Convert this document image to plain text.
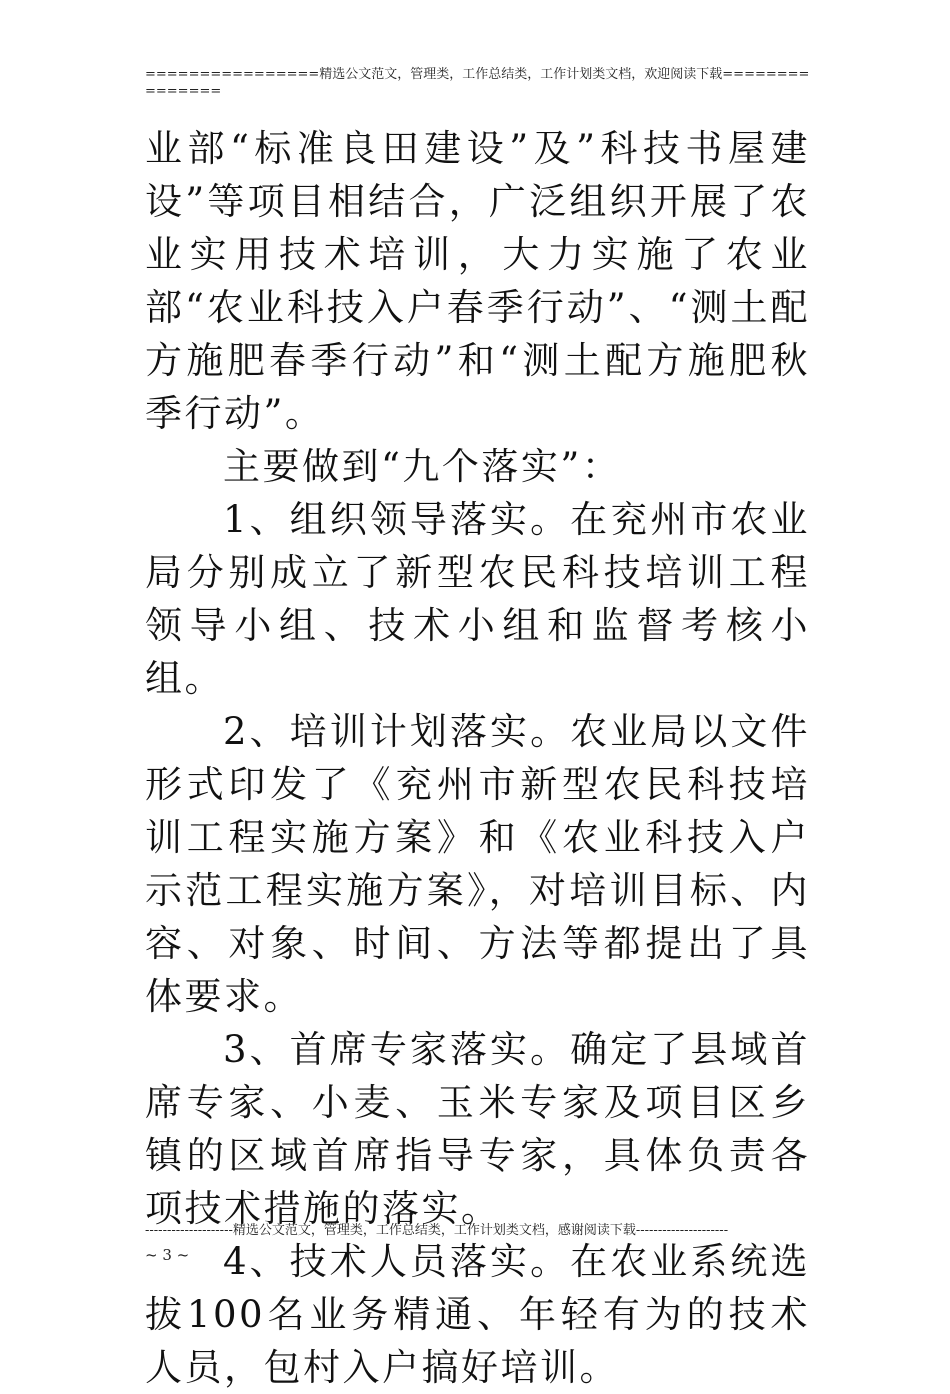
================精选公文范文，管理类，工作总结类，工作计划类文档，欢迎阅读下载===============

业部“标准良田建设”及”科技书屋建设”等项目相结合，广泛组织开展了农业实用技术培训，大力实施了农业部“农业科技入户春季行动”、“测土配方施肥春季行动”和“测土配方施肥秋季行动”。

主要做到“九个落实”：

1、组织领导落实。在兖州市农业局分别成立了新型农民科技培训工程领导小组、技术小组和监督考核小组。

2、培训计划落实。农业局以文件形式印发了《兖州市新型农民科技培训工程实施方案》和《农业科技入户示范工程实施方案》，对培训目标、内容、对象、时间、方法等都提出了具体要求。

3、首席专家落实。确定了县域首席专家、小麦、玉米专家及项目区乡镇的区域首席指导专家，具体负责各项技术措施的落实。

4、技术人员落实。在农业系统选拔100名业务精通、年轻有为的技术人员，包村入户搞好培训。

--------------------精选公文范文，管理类，工作总结类，工作计划类文档，感谢阅读下载---------------------
~ 3 ~
